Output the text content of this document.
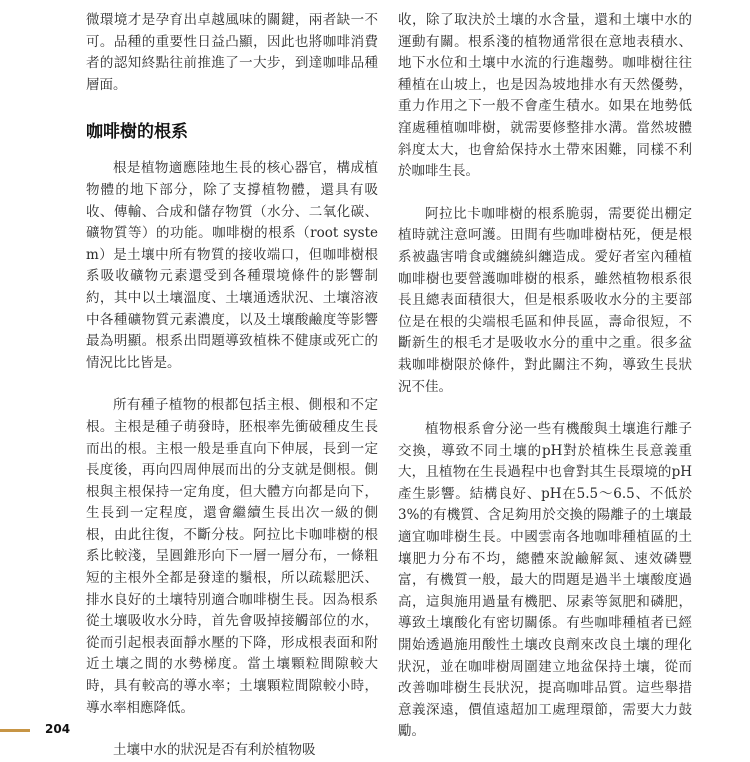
微環境才是孕育出卓越風味的關鍵，兩者缺一不可。品種的重要性日益凸顯，因此也將咖啡消費者的認知終點往前推進了一大步，到達咖啡品種層面。

咖啡樹的根系

根是植物適應陸地生長的核心器官，構成植物體的地下部分，除了支撐植物體，還具有吸收、傳輸、合成和儲存物質（水分、二氧化碳、礦物質等）的功能。咖啡樹的根系（root system）是土壤中所有物質的接收端口，但咖啡樹根系吸收礦物元素還受到各種環境條件的影響制約，其中以土壤溫度、土壤通透狀況、土壤溶液中各種礦物質元素濃度，以及土壤酸鹼度等影響最為明顯。根系出問題導致植株不健康或死亡的情況比比皆是。

所有種子植物的根都包括主根、側根和不定根。主根是種子萌發時，胚根率先衝破種皮生長而出的根。主根一般是垂直向下伸展，長到一定長度後，再向四周伸展而出的分支就是側根。側根與主根保持一定角度，但大體方向都是向下，生長到一定程度，還會繼續生長出次一級的側根，由此往復，不斷分枝。阿拉比卡咖啡樹的根系比較淺，呈圓錐形向下一層一層分布，一條粗短的主根外全都是發達的鬚根，所以疏鬆肥沃、排水良好的土壤特別適合咖啡樹生長。因為根系從土壤吸收水分時，首先會吸掉接觸部位的水，從而引起根表面靜水壓的下降，形成根表面和附近土壤之間的水勢梯度。當土壤顆粒間隙較大時，具有較高的導水率；土壤顆粒間隙較小時，導水率相應降低。

土壤中水的狀況是否有利於植物吸

收，除了取決於土壤的水含量，還和土壤中水的運動有關。根系淺的植物通常很在意地表積水、地下水位和土壤中水流的行進趨勢。咖啡樹往往種植在山坡上，也是因為坡地排水有天然優勢，重力作用之下一般不會產生積水。如果在地勢低窪處種植咖啡樹，就需要修整排水溝。當然坡體斜度太大，也會給保持水土帶來困難，同樣不利於咖啡生長。

阿拉比卡咖啡樹的根系脆弱，需要從出棚定植時就注意呵護。田間有些咖啡樹枯死，便是根系被蟲害啃食或纏繞糾纏造成。愛好者室內種植咖啡樹也要營護咖啡樹的根系，雖然植物根系很長且總表面積很大，但是根系吸收水分的主要部位是在根的尖端根毛區和伸長區，壽命很短，不斷新生的根毛才是吸收水分的重中之重。很多盆栽咖啡樹限於條件，對此關注不夠，導致生長狀況不佳。

植物根系會分泌一些有機酸與土壤進行離子交換，導致不同土壤的pH對於植株生長意義重大，且植物在生長過程中也會對其生長環境的pH產生影響。結構良好、pH在5.5～6.5、不低於3%的有機質、含足夠用於交換的陽離子的土壤最適宜咖啡樹生長。中國雲南各地咖啡種植區的土壤肥力分布不均，總體來說鹼解氮、速效磷豐富，有機質一般，最大的問題是過半土壤酸度過高，這與施用過量有機肥、尿素等氮肥和磷肥，導致土壤酸化有密切關係。有些咖啡種植者已經開始透過施用酸性土壤改良劑來改良土壤的理化狀況，並在咖啡樹周圍建立地盆保持土壤，從而改善咖啡樹生長狀況，提高咖啡品質。這些舉措意義深遠，價值遠超加工處理環節，需要大力鼓勵。

204
